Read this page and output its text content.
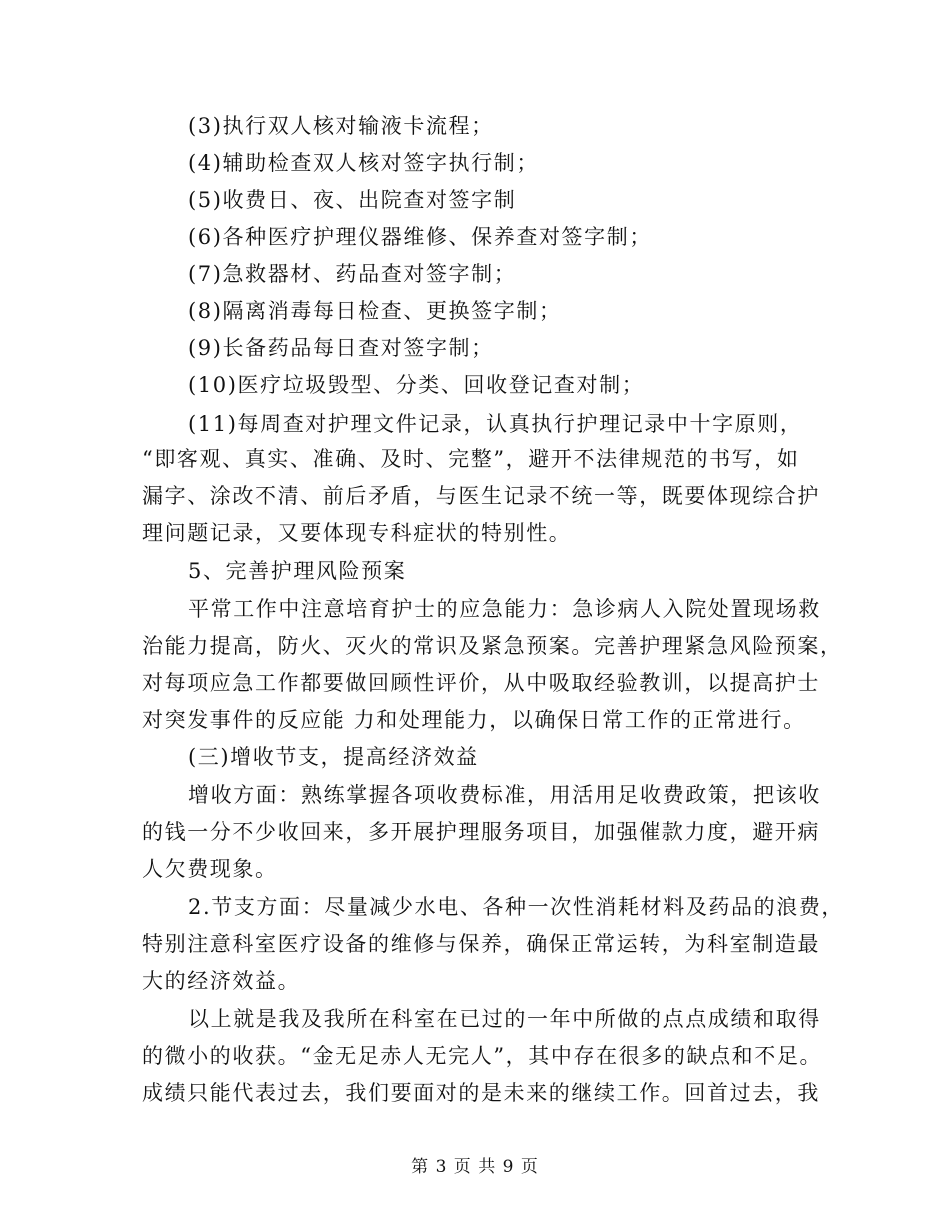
(3)执行双人核对输液卡流程；
(4)辅助检查双人核对签字执行制；
(5)收费日、夜、出院查对签字制
(6)各种医疗护理仪器维修、保养查对签字制；
(7)急救器材、药品查对签字制；
(8)隔离消毒每日检查、更换签字制；
(9)长备药品每日查对签字制；
(10)医疗垃圾毁型、分类、回收登记查对制；
(11)每周查对护理文件记录，认真执行护理记录中十字原则，
“即客观、真实、准确、及时、完整”，避开不法律规范的书写，如
漏字、涂改不清、前后矛盾，与医生记录不统一等，既要体现综合护
理问题记录，又要体现专科症状的特别性。
5、完善护理风险预案
平常工作中注意培育护士的应急能力：急诊病人入院处置现场救
治能力提高，防火、灭火的常识及紧急预案。完善护理紧急风险预案，
对每项应急工作都要做回顾性评价，从中吸取经验教训，以提高护士
对突发事件的反应能 力和处理能力，以确保日常工作的正常进行。
(三)增收节支，提高经济效益
增收方面：熟练掌握各项收费标准，用活用足收费政策，把该收
的钱一分不少收回来，多开展护理服务项目，加强催款力度，避开病
人欠费现象。
2.节支方面：尽量减少水电、各种一次性消耗材料及药品的浪费，
特别注意科室医疗设备的维修与保养，确保正常运转，为科室制造最
大的经济效益。
以上就是我及我所在科室在已过的一年中所做的点点成绩和取得
的微小的收获。“金无足赤人无完人”，其中存在很多的缺点和不足。
成绩只能代表过去，我们要面对的是未来的继续工作。回首过去，我
第 3 页 共 9 页
